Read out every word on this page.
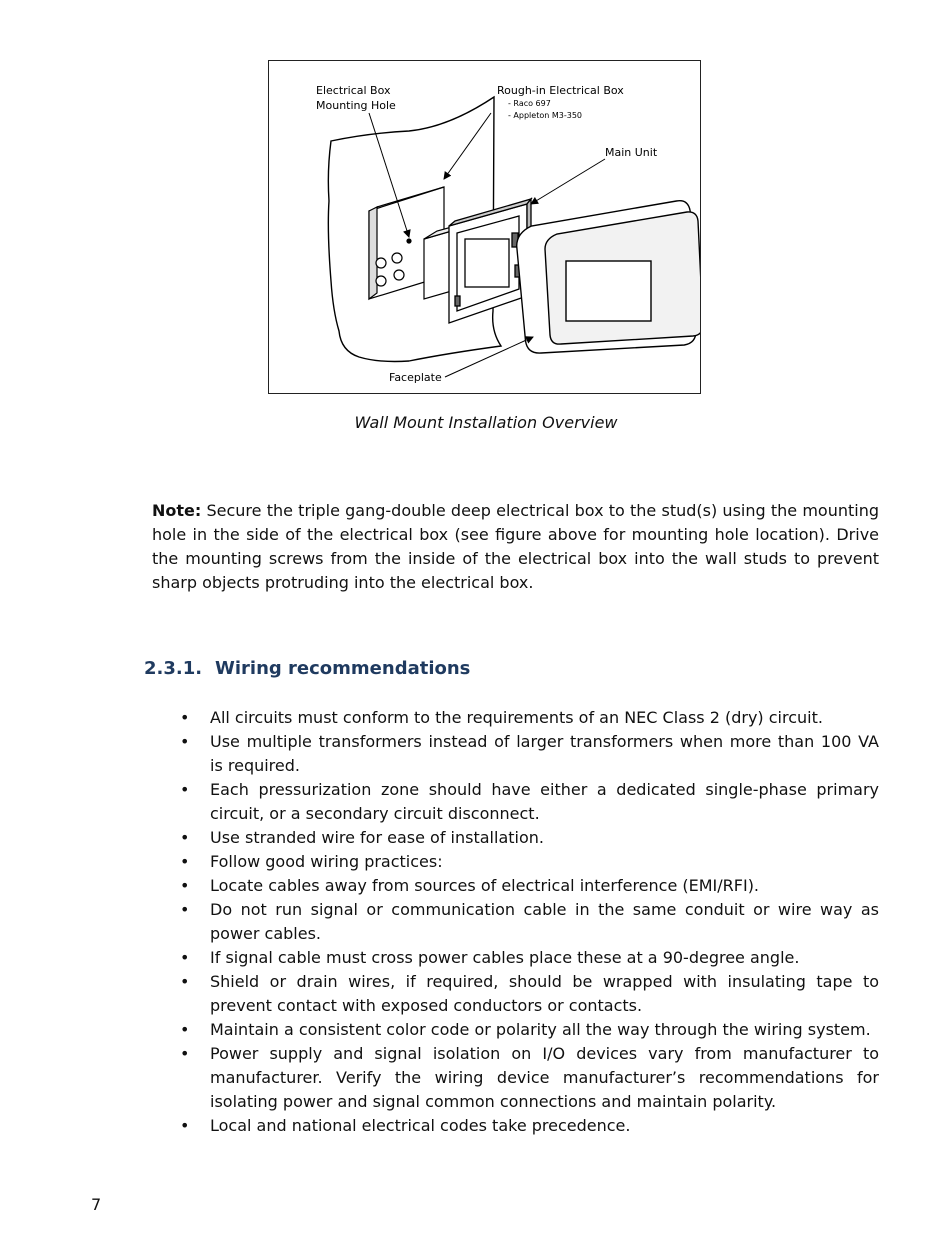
Electrical Box
Mounting Hole
Rough-in Electrical Box
- Raco 697
- Appleton M3-350
Main Unit
Faceplate
Wall Mount Installation Overview
Note: Secure the triple gang-double deep electrical box to the stud(s) using the mounting hole in the side of the electrical box (see figure above for mounting hole location). Drive the mounting screws from the inside of the electrical box into the wall studs to prevent sharp objects protruding into the electrical box.
2.3.1. Wiring recommendations
• All circuits must conform to the requirements of an NEC Class 2 (dry) circuit.
• Use multiple transformers instead of larger transformers when more than 100 VA is required.
• Each pressurization zone should have either a dedicated single-phase primary circuit, or a secondary circuit disconnect.
• Use stranded wire for ease of installation.
• Follow good wiring practices:
• Locate cables away from sources of electrical interference (EMI/RFI).
• Do not run signal or communication cable in the same conduit or wire way as power cables.
• If signal cable must cross power cables place these at a 90-degree angle.
• Shield or drain wires, if required, should be wrapped with insulating tape to prevent contact with exposed conductors or contacts.
• Maintain a consistent color code or polarity all the way through the wiring system.
• Power supply and signal isolation on I/O devices vary from manufacturer to manufacturer. Verify the wiring device manufacturer’s recommendations for isolating power and signal common connections and maintain polarity.
• Local and national electrical codes take precedence.
7
